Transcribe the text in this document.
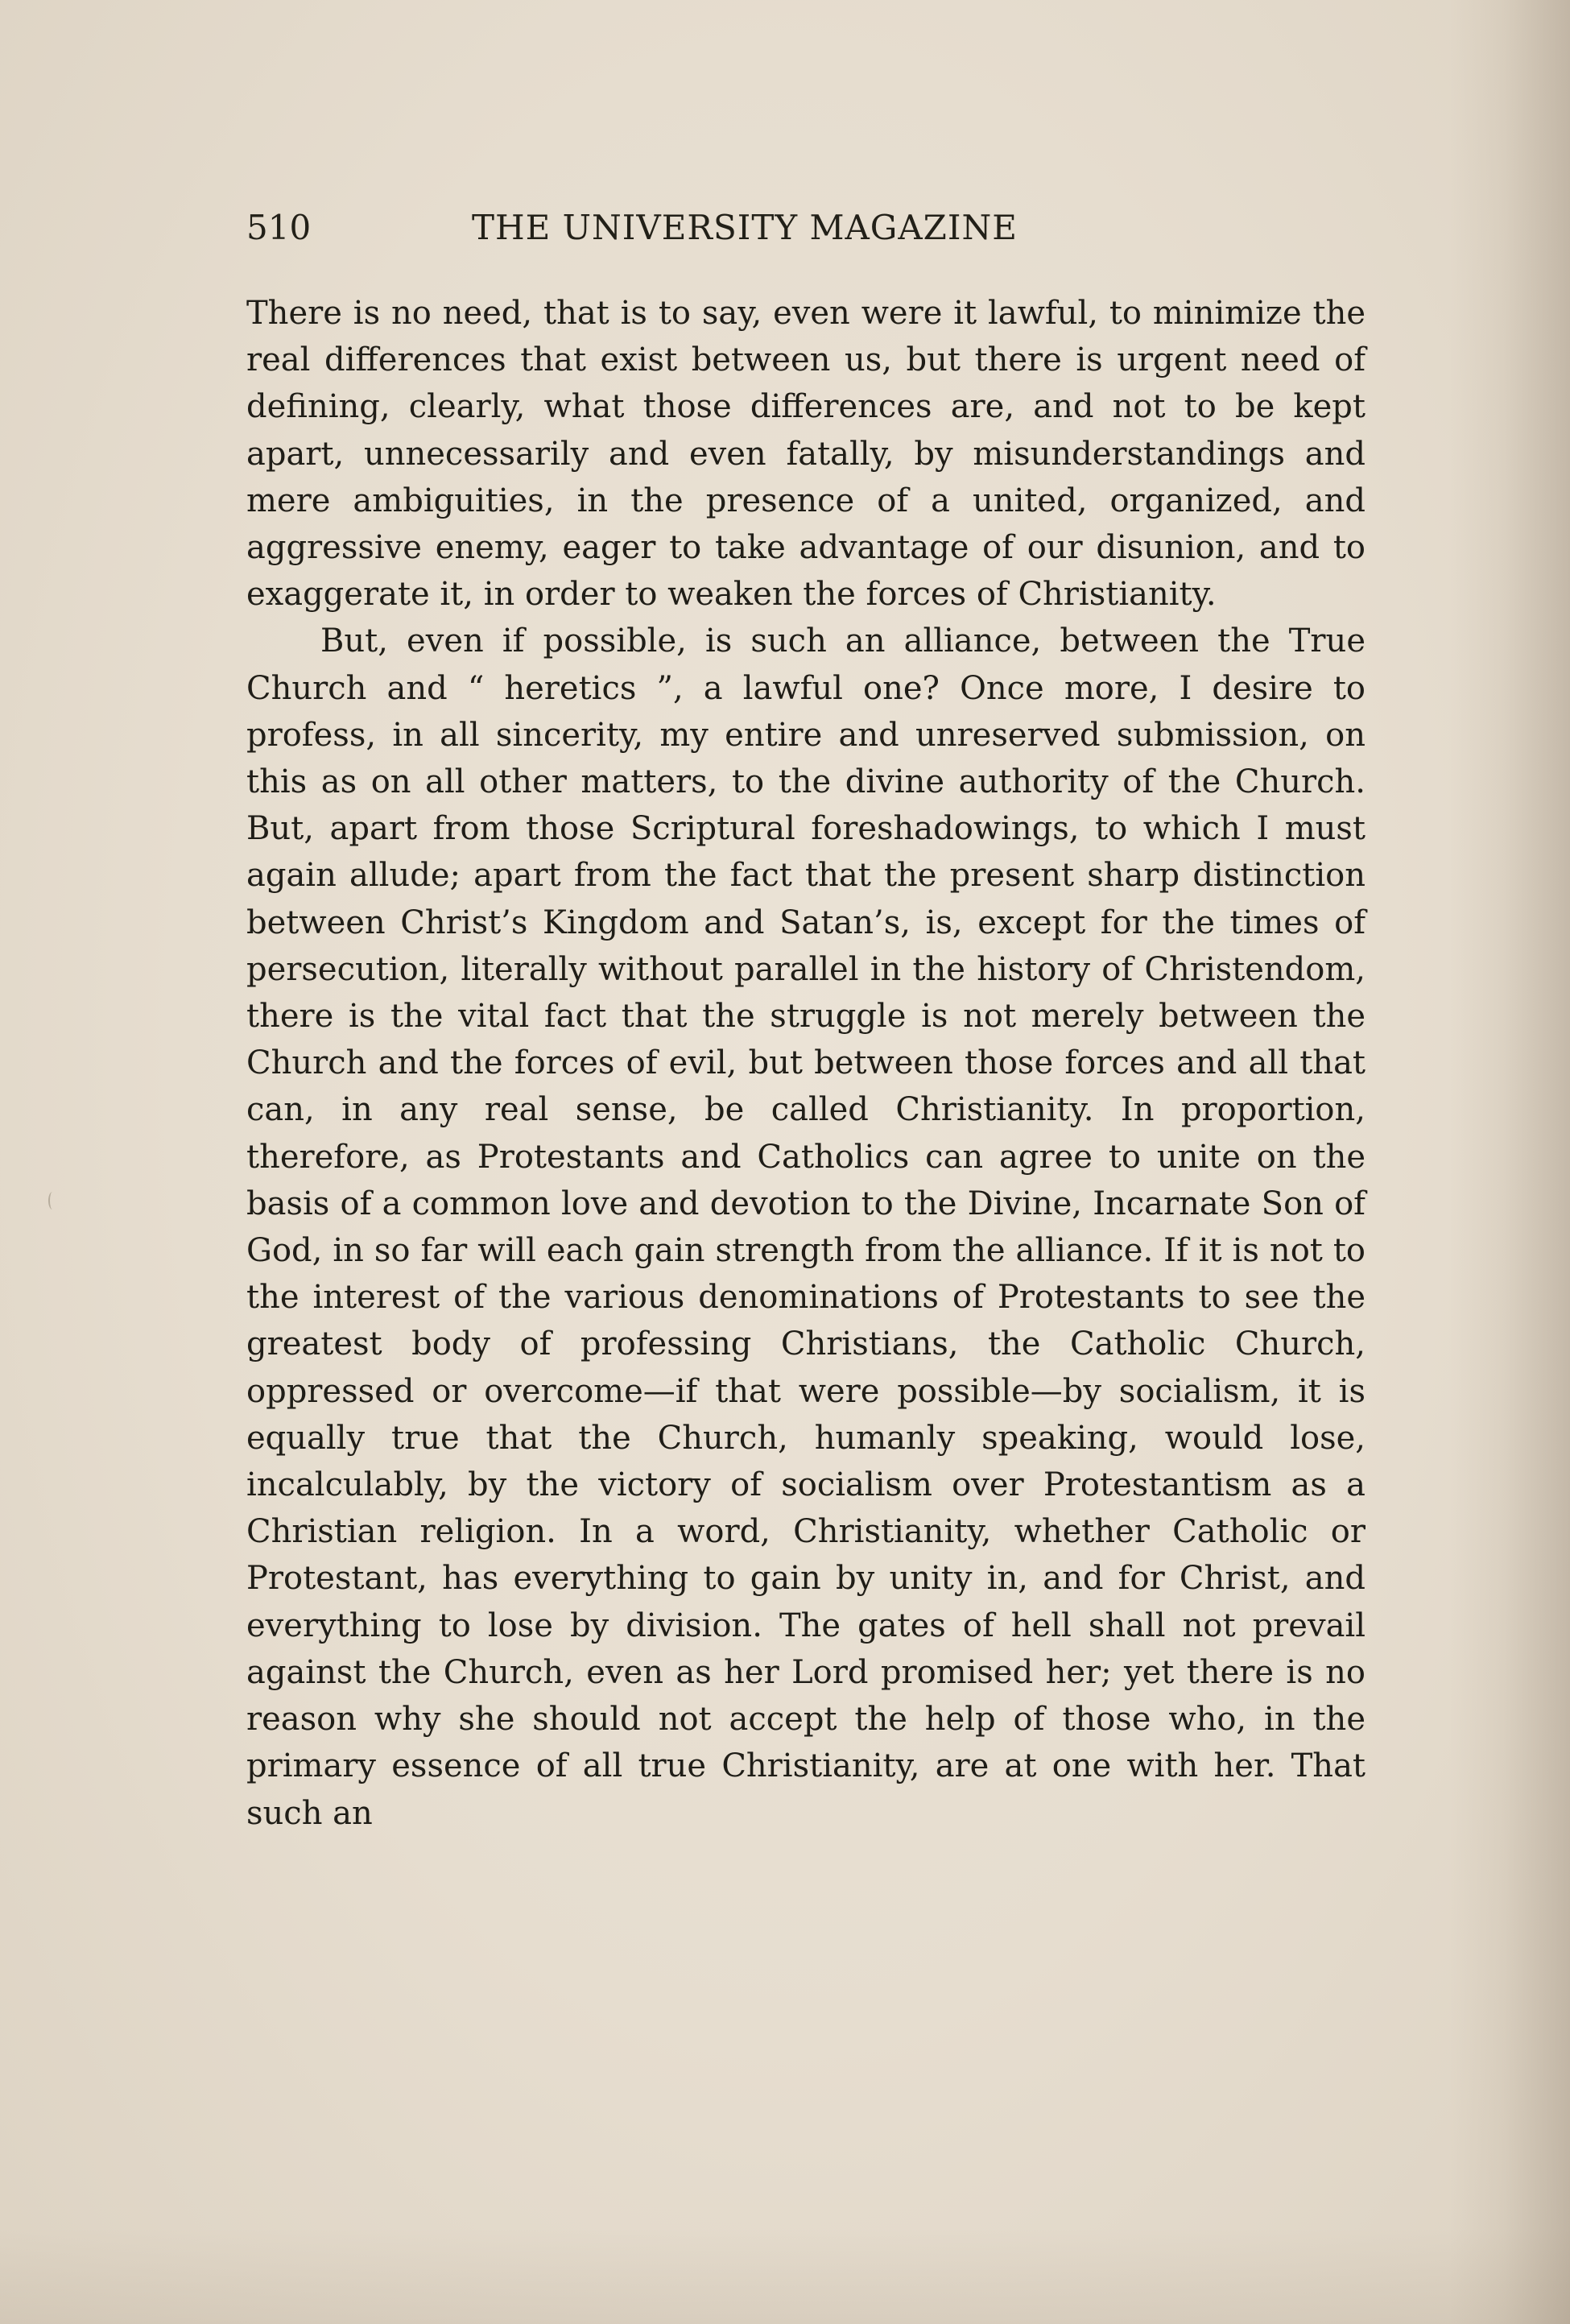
510	THE UNIVERSITY MAGAZINE

There is no need, that is to say, even were it lawful, to minimize the real differences that exist between us, but there is urgent need of defining, clearly, what those differences are, and not to be kept apart, unnecessarily and even fatally, by misunderstandings and mere ambiguities, in the presence of a united, organized, and aggressive enemy, eager to take advantage of our disunion, and to exaggerate it, in order to weaken the forces of Christianity.

But, even if possible, is such an alliance, between the True Church and “ heretics ”, a lawful one? Once more, I desire to profess, in all sincerity, my entire and unreserved submission, on this as on all other matters, to the divine authority of the Church. But, apart from those Scriptural foreshadowings, to which I must again allude; apart from the fact that the present sharp distinction between Christ’s Kingdom and Satan’s, is, except for the times of persecution, literally without parallel in the history of Christendom, there is the vital fact that the struggle is not merely between the Church and the forces of evil, but between those forces and all that can, in any real sense, be called Christianity. In proportion, therefore, as Protestants and Catholics can agree to unite on the basis of a common love and devotion to the Divine, Incarnate Son of God, in so far will each gain strength from the alliance. If it is not to the interest of the various denominations of Protestants to see the greatest body of professing Christians, the Catholic Church, oppressed or overcome—if that were possible—by socialism, it is equally true that the Church, humanly speaking, would lose, incalculably, by the victory of socialism over Protestantism as a Christian religion. In a word, Christianity, whether Catholic or Protestant, has everything to gain by unity in, and for Christ, and everything to lose by division. The gates of hell shall not prevail against the Church, even as her Lord promised her; yet there is no reason why she should not accept the help of those who, in the primary essence of all true Christianity, are at one with her. That such an
